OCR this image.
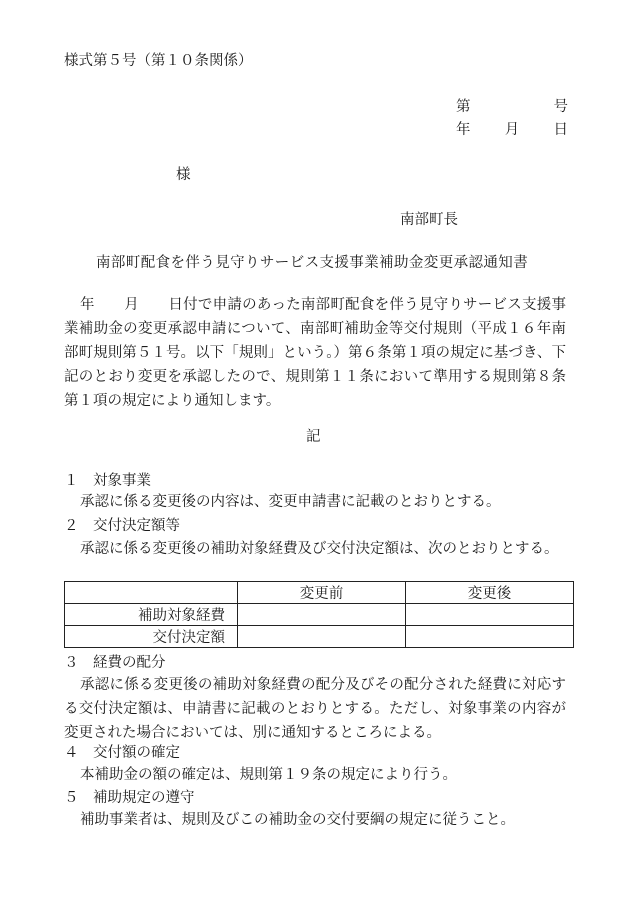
様式第５号（第１０条関係）
第	号
年 月 日
様
南部町長
南部町配食を伴う見守りサービス支援事業補助金変更承認通知書
年　　月　　日付で申請のあった南部町配食を伴う見守りサービス支援事業補助金の変更承認申請について、南部町補助金等交付規則（平成１６年南部町規則第５１号。以下「規則」という。）第６条第１項の規定に基づき、下記のとおり変更を承認したので、規則第１１条において準用する規則第８条第１項の規定により通知します。
記
１　対象事業
承認に係る変更後の内容は、変更申請書に記載のとおりとする。
２　交付決定額等
承認に係る変更後の補助対象経費及び交付決定額は、次のとおりとする。
	変更前	変更後
補助対象経費		
交付決定額		
３　経費の配分
承認に係る変更後の補助対象経費の配分及びその配分された経費に対応する交付決定額は、申請書に記載のとおりとする。ただし、対象事業の内容が変更された場合においては、別に通知するところによる。
４　交付額の確定
本補助金の額の確定は、規則第１９条の規定により行う。
５　補助規定の遵守
補助事業者は、規則及びこの補助金の交付要綱の規定に従うこと。
